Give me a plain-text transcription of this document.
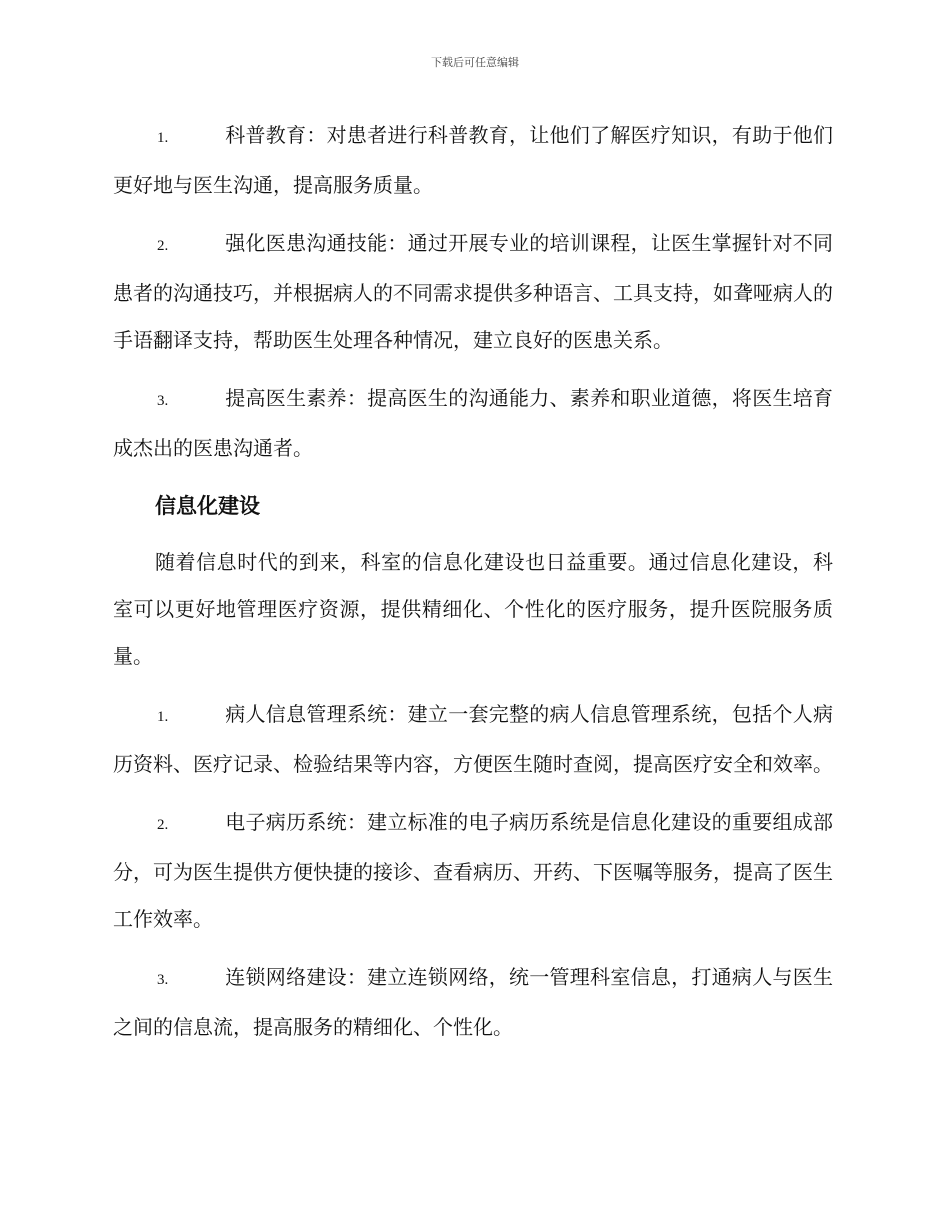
下载后可任意编辑

1.	科普教育：对患者进行科普教育，让他们了解医疗知识，有助于他们更好地与医生沟通，提高服务质量。

2.	强化医患沟通技能：通过开展专业的培训课程，让医生掌握针对不同患者的沟通技巧，并根据病人的不同需求提供多种语言、工具支持，如聋哑病人的手语翻译支持，帮助医生处理各种情况，建立良好的医患关系。

3.	提高医生素养：提高医生的沟通能力、素养和职业道德，将医生培育成杰出的医患沟通者。

信息化建设

随着信息时代的到来，科室的信息化建设也日益重要。通过信息化建设，科室可以更好地管理医疗资源，提供精细化、个性化的医疗服务，提升医院服务质量。

1.	病人信息管理系统：建立一套完整的病人信息管理系统，包括个人病历资料、医疗记录、检验结果等内容，方便医生随时查阅，提高医疗安全和效率。

2.	电子病历系统：建立标准的电子病历系统是信息化建设的重要组成部分，可为医生提供方便快捷的接诊、查看病历、开药、下医嘱等服务，提高了医生工作效率。

3.	连锁网络建设：建立连锁网络，统一管理科室信息，打通病人与医生之间的信息流，提高服务的精细化、个性化。
